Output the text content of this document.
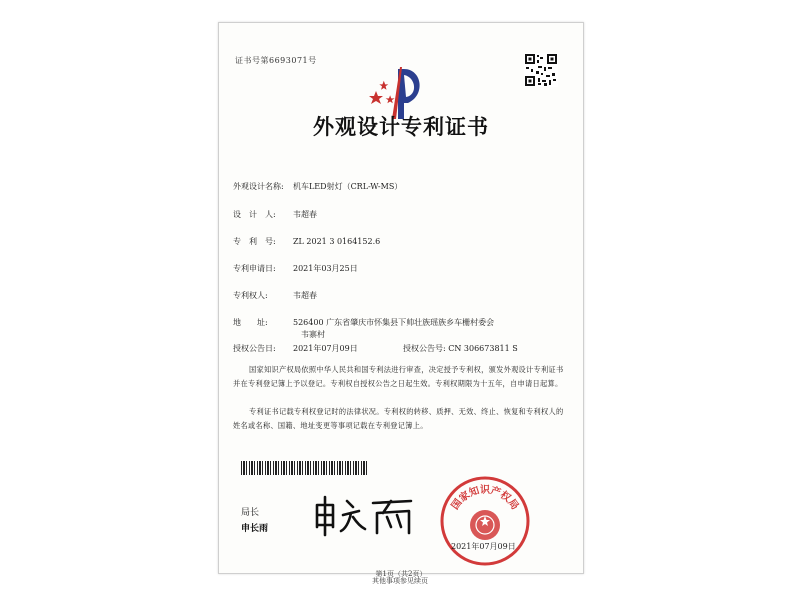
证书号第6693071号
外观设计专利证书
外观设计名称: 机车LED射灯（CRL-W-MS）
设　计　人: 韦超春
专　利　号: ZL 2021 3 0164152.6
专利申请日: 2021年03月25日
专利权人:	韦超春
地　　址:	526400 广东省肇庆市怀集县下帅壮族瑶族乡车栅村委会
韦寨村
授权公告日: 2021年07月09日	授权公告号: CN 306673811 S
国家知识产权局依照中华人民共和国专利法进行审查，决定授予专利权，颁发外观设计专利证书并在专利登记簿上予以登记。专利权自授权公告之日起生效。专利权期限为十五年，自申请日起算。
专利证书记载专利权登记时的法律状况。专利权的转移、质押、无效、终止、恢复和专利权人的姓名或名称、国籍、地址变更等事项记载在专利登记簿上。
局长
申长雨
国家知识产权局
2021年07月09日
第1页（共2页）
其他事项参见续页
